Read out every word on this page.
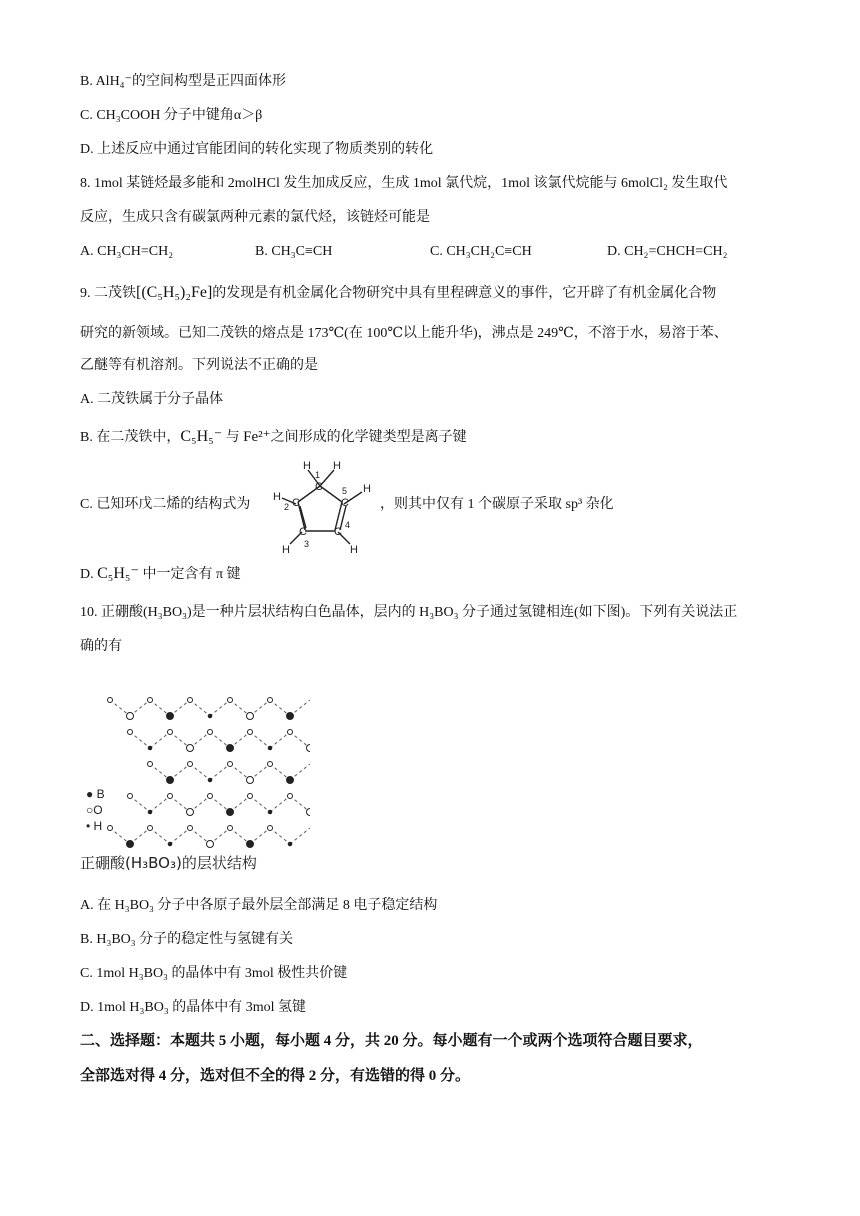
B. AlH₄⁻的空间构型是正四面体形
C. CH₃COOH 分子中键角α＞β
D. 上述反应中通过官能团间的转化实现了物质类别的转化
8. 1mol 某链烃最多能和 2molHCl 发生加成反应，生成 1mol 氯代烷，1mol 该氯代烷能与 6molCl₂ 发生取代
反应，生成只含有碳氯两种元素的氯代烃，该链烃可能是
A. CH₃CH=CH₂	B. CH₃C≡CH	C. CH₃CH₂C≡CH	D. CH₂=CHCH=CH₂
9. 二茂铁[(C₅H₅)₂Fe]的发现是有机金属化合物研究中具有里程碑意义的事件，它开辟了有机金属化合物
研究的新领域。已知二茂铁的熔点是 173℃(在 100℃以上能升华)，沸点是 249℃，不溶于水，易溶于苯、
乙醚等有机溶剂。下列说法不正确的是
A. 二茂铁属于分子晶体
B. 在二茂铁中，C₅H₅⁻ 与 Fe²⁺之间形成的化学键类型是离子键
C. 已知环戊二烯的结构式为
H H
C
1
C
5 H
C
2
H
C
3
H
C
4
H
，则其中仅有 1 个碳原子采取 sp³ 杂化
D. C₅H₅⁻ 中一定含有 π 键
10. 正硼酸(H₃BO₃)是一种片层状结构白色晶体，层内的 H₃BO₃ 分子通过氢键相连(如下图)。下列有关说法正
确的有
● B
○O
• H
正硼酸(H₃BO₃)的层状结构
A. 在 H₃BO₃ 分子中各原子最外层全部满足 8 电子稳定结构
B. H₃BO₃ 分子的稳定性与氢键有关
C. 1mol H₃BO₃ 的晶体中有 3mol 极性共价键
D. 1mol H₃BO₃ 的晶体中有 3mol 氢键
二、选择题：本题共 5 小题，每小题 4 分，共 20 分。每小题有一个或两个选项符合题目要求，
全部选对得 4 分，选对但不全的得 2 分，有选错的得 0 分。
